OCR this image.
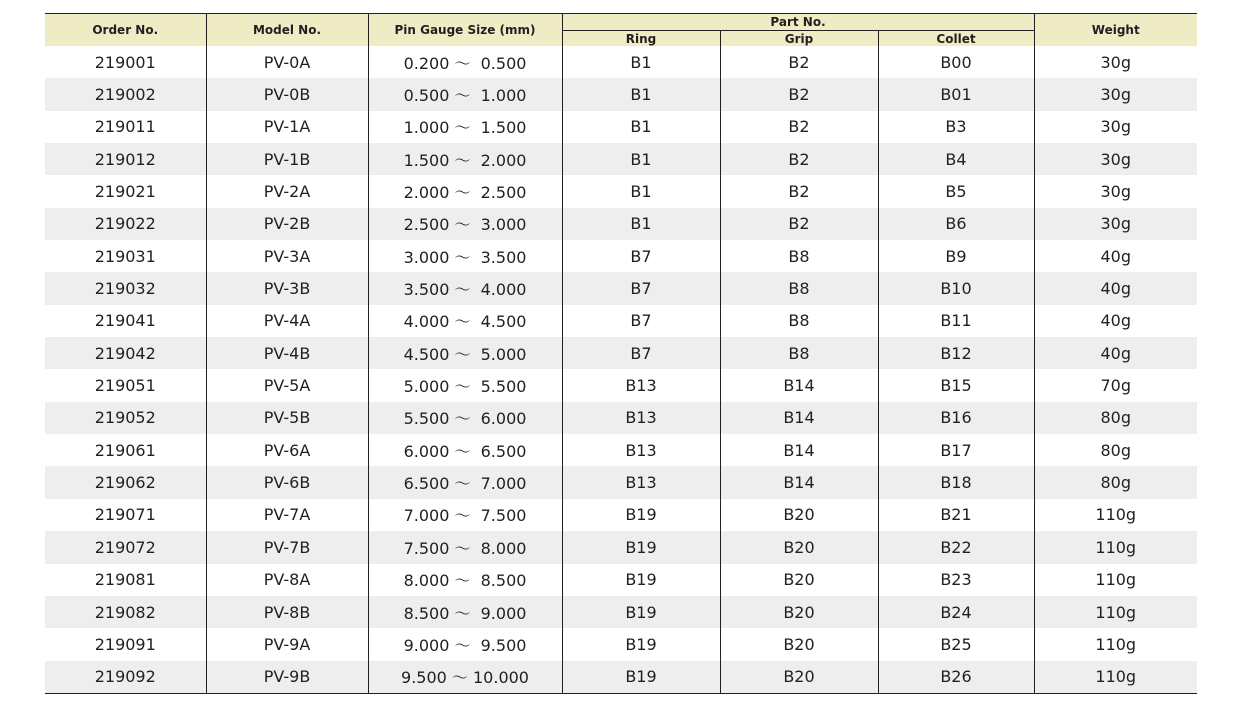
Order No.	Model No.	Pin Gauge Size (mm)	Part No.			Weight
			Ring	Grip	Collet	
219001	PV-0A	0.200 ～  0.500	B1	B2	B00	30g
219002	PV-0B	0.500 ～  1.000	B1	B2	B01	30g
219011	PV-1A	1.000 ～  1.500	B1	B2	B3	30g
219012	PV-1B	1.500 ～  2.000	B1	B2	B4	30g
219021	PV-2A	2.000 ～  2.500	B1	B2	B5	30g
219022	PV-2B	2.500 ～  3.000	B1	B2	B6	30g
219031	PV-3A	3.000 ～  3.500	B7	B8	B9	40g
219032	PV-3B	3.500 ～  4.000	B7	B8	B10	40g
219041	PV-4A	4.000 ～  4.500	B7	B8	B11	40g
219042	PV-4B	4.500 ～  5.000	B7	B8	B12	40g
219051	PV-5A	5.000 ～  5.500	B13	B14	B15	70g
219052	PV-5B	5.500 ～  6.000	B13	B14	B16	80g
219061	PV-6A	6.000 ～  6.500	B13	B14	B17	80g
219062	PV-6B	6.500 ～  7.000	B13	B14	B18	80g
219071	PV-7A	7.000 ～  7.500	B19	B20	B21	110g
219072	PV-7B	7.500 ～  8.000	B19	B20	B22	110g
219081	PV-8A	8.000 ～  8.500	B19	B20	B23	110g
219082	PV-8B	8.500 ～  9.000	B19	B20	B24	110g
219091	PV-9A	9.000 ～  9.500	B19	B20	B25	110g
219092	PV-9B	9.500 ～ 10.000	B19	B20	B26	110g
